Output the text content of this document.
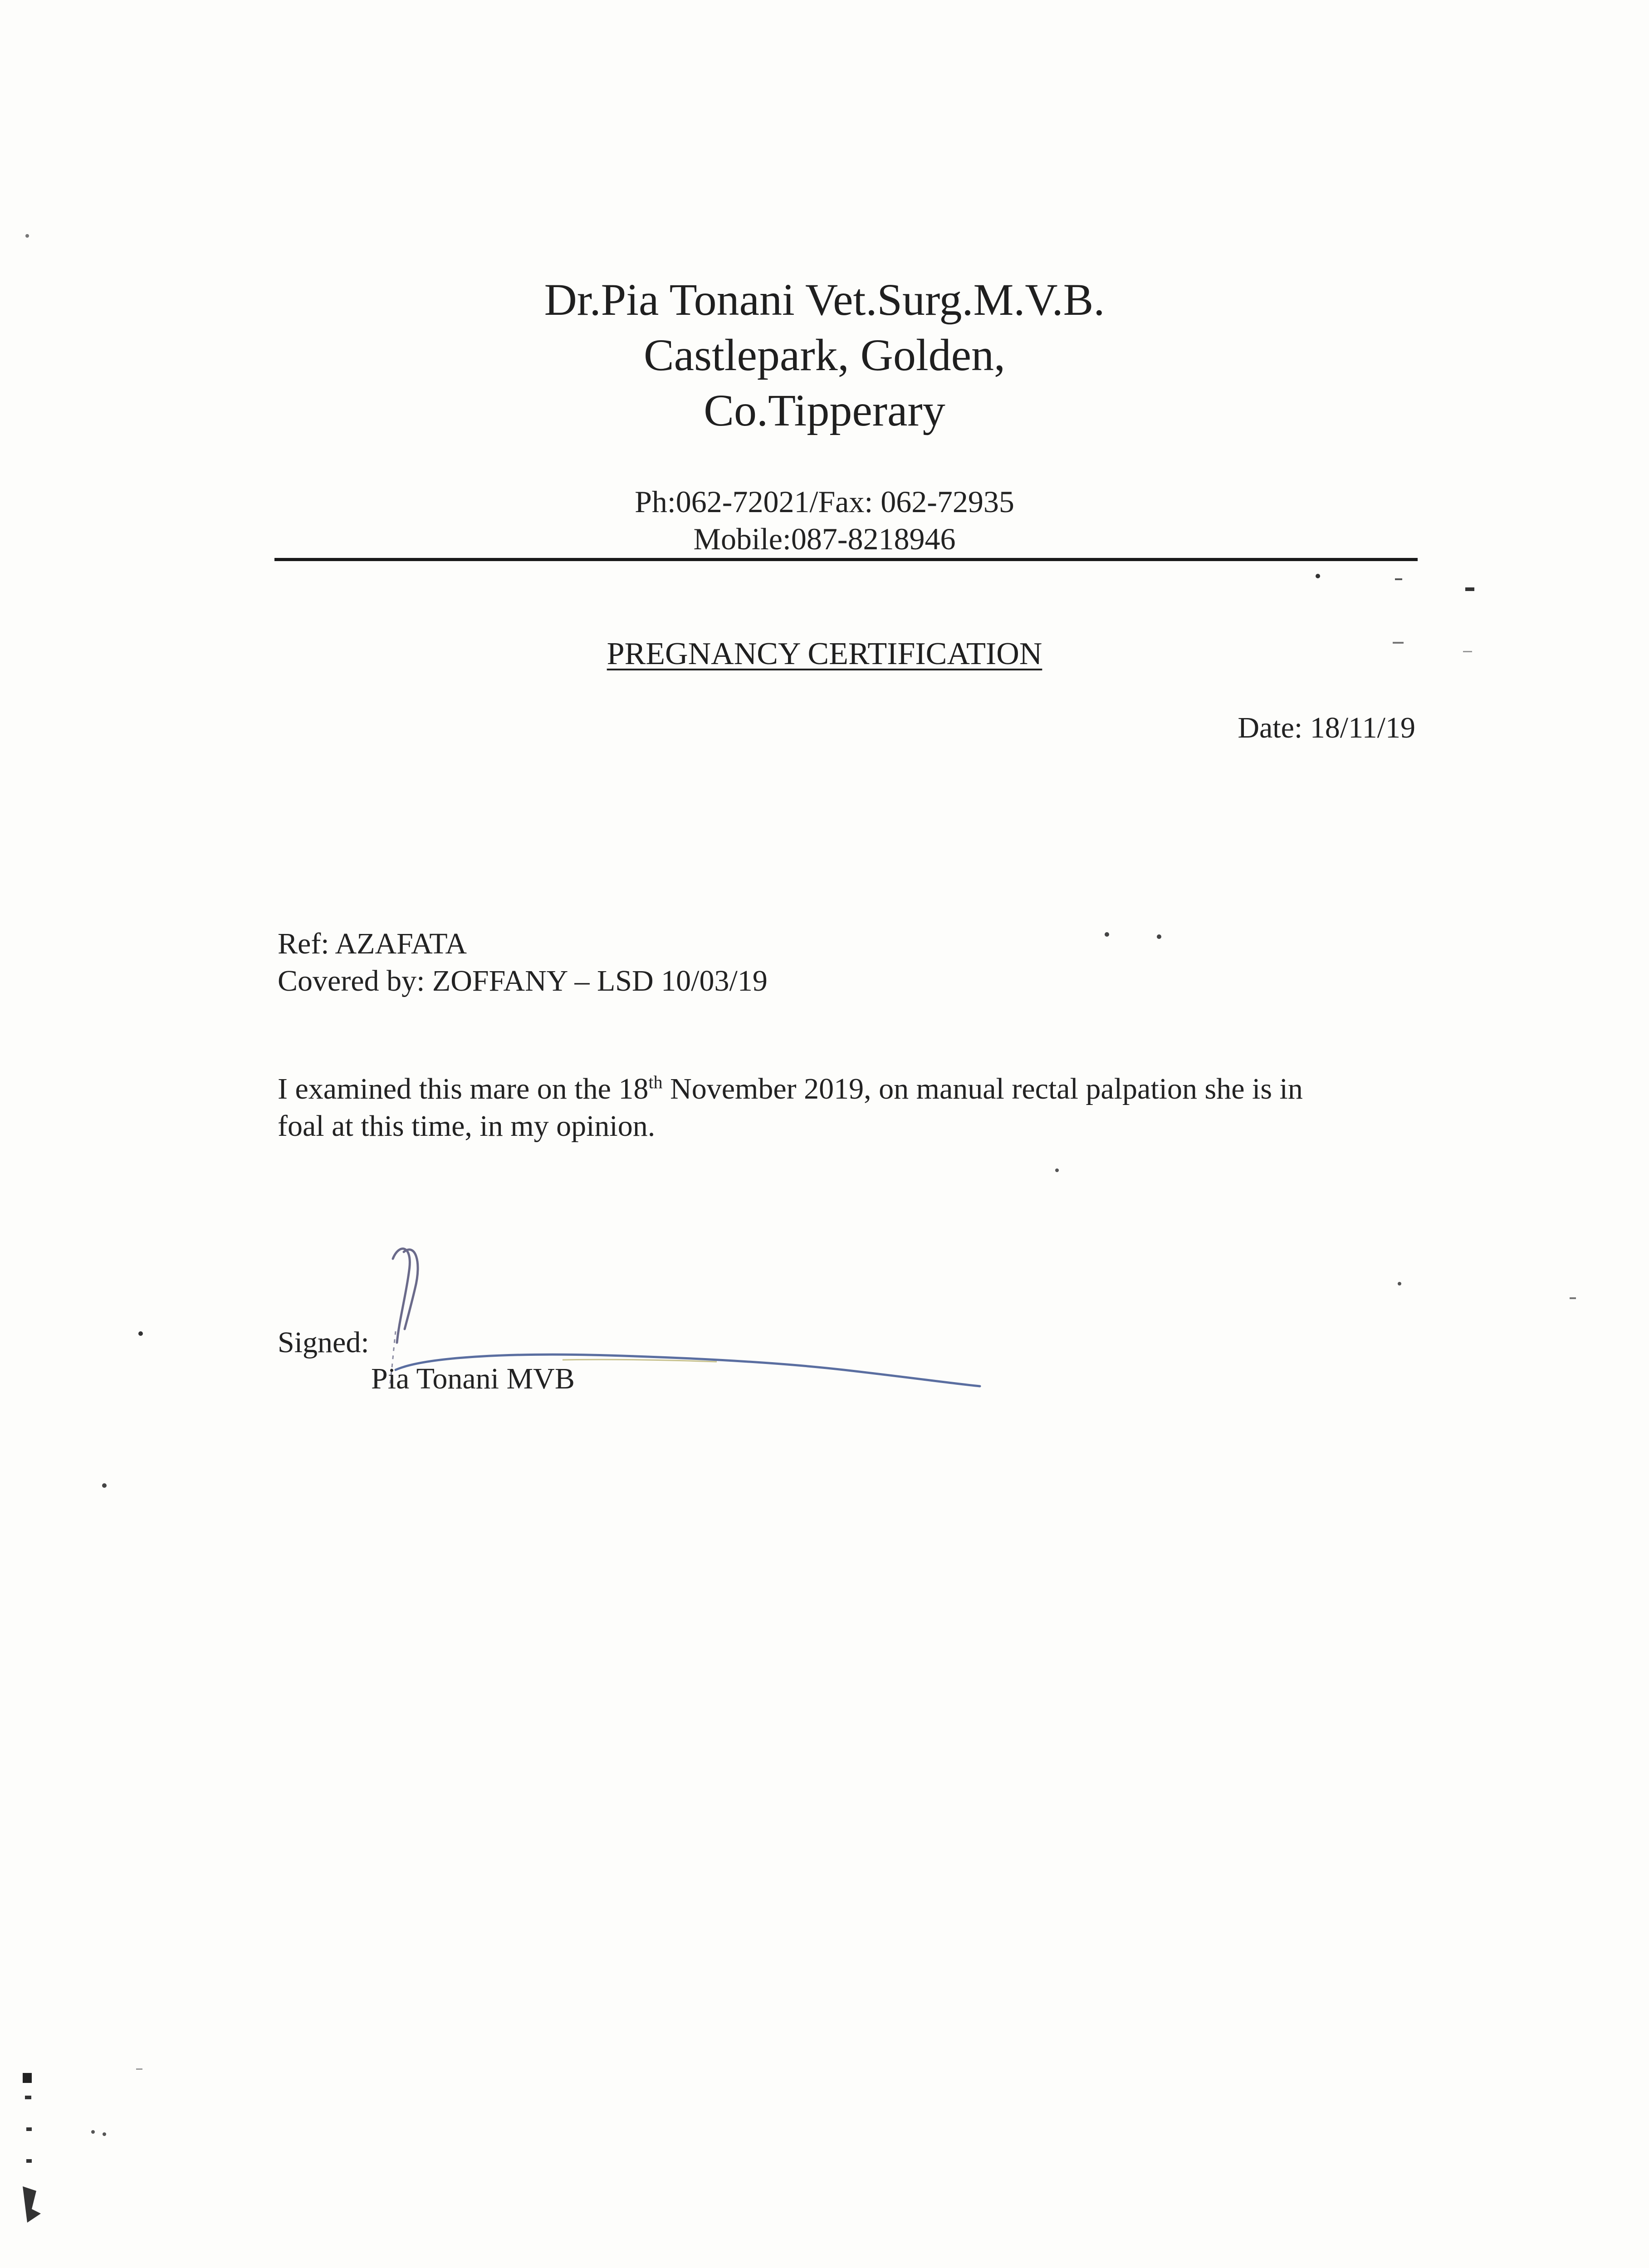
Dr.Pia Tonani Vet.Surg.M.V.B.
Castlepark, Golden,
Co.Tipperary
Ph:062-72021/Fax: 062-72935
Mobile:087-8218946
PREGNANCY CERTIFICATION
Date: 18/11/19
Ref: AZAFATA
Covered by: ZOFFANY – LSD 10/03/19
I examined this mare on the 18th November 2019, on manual rectal palpation she is in
foal at this time, in my opinion.
Signed:
Pia Tonani MVB
